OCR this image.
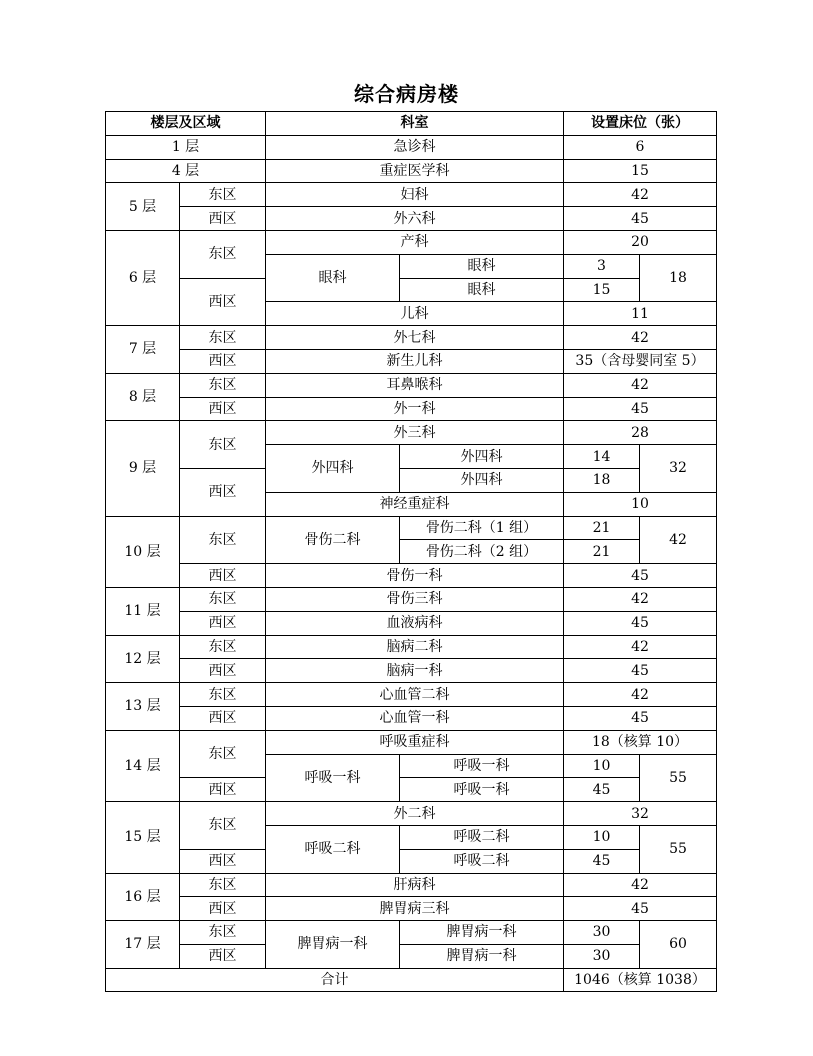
综合病房楼
楼层及区域		科室		设置床位（张）	
1 层		急诊科		6	
4 层		重症医学科		15	
5 层	东区	妇科		42	
	西区	外六科		45	
6 层	东区	产科		20	
		眼科	眼科	3	18
	西区		眼科	15	
		儿科		11	
7 层	东区	外七科		42	
	西区	新生儿科		35（含母婴同室 5）	
8 层	东区	耳鼻喉科		42	
	西区	外一科		45	
9 层	东区	外三科		28	
		外四科	外四科	14	32
	西区		外四科	18	
		神经重症科		10	
10 层	东区	骨伤二科	骨伤二科（1 组）	21	42
			骨伤二科（2 组）	21	
	西区	骨伤一科		45	
11 层	东区	骨伤三科		42	
	西区	血液病科		45	
12 层	东区	脑病二科		42	
	西区	脑病一科		45	
13 层	东区	心血管二科		42	
	西区	心血管一科		45	
14 层	东区	呼吸重症科		18（核算 10）	
		呼吸一科	呼吸一科	10	55
	西区		呼吸一科	45	
15 层	东区	外二科		32	
		呼吸二科	呼吸二科	10	55
	西区		呼吸二科	45	
16 层	东区	肝病科		42	
	西区	脾胃病三科		45	
17 层	东区	脾胃病一科	脾胃病一科	30	60
	西区		脾胃病一科	30	
合计				1046（核算 1038）	
